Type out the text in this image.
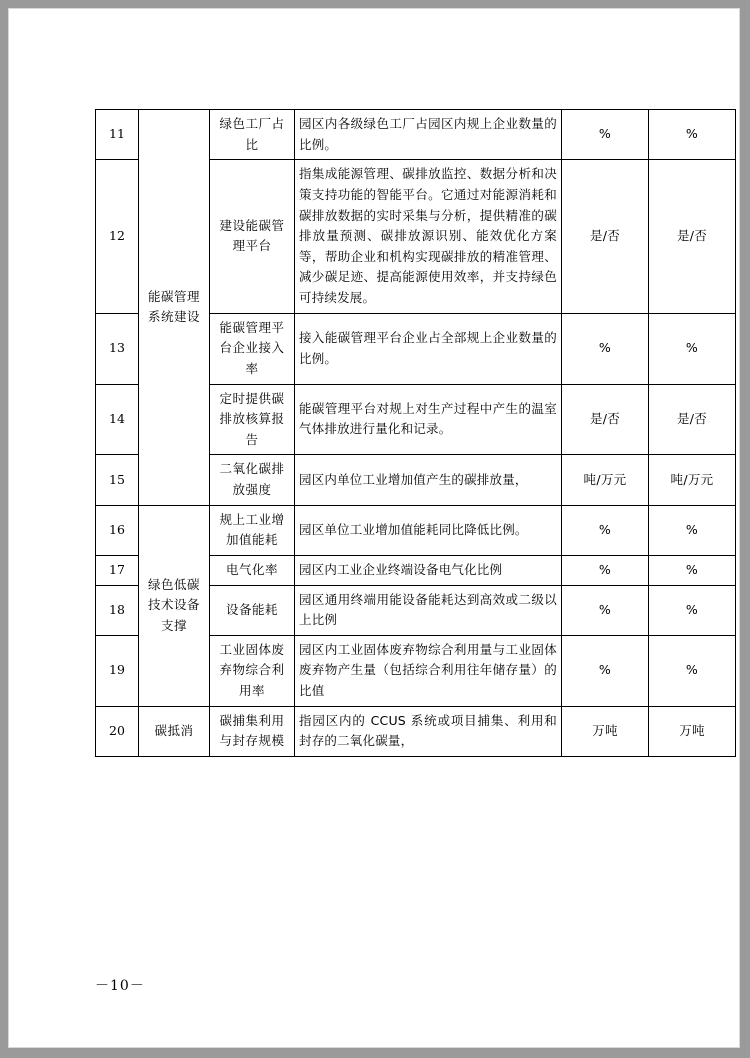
11	能碳管理系统建设	绿色工厂占比	园区内各级绿色工厂占园区内规上企业数量的比例。	%	%
12		建设能碳管理平台	指集成能源管理、碳排放监控、数据分析和决策支持功能的智能平台。它通过对能源消耗和碳排放数据的实时采集与分析，提供精准的碳排放量预测、碳排放源识别、能效优化方案等，帮助企业和机构实现碳排放的精准管理、减少碳足迹、提高能源使用效率，并支持绿色可持续发展。	是/否	是/否
13		能碳管理平台企业接入率	接入能碳管理平台企业占全部规上企业数量的比例。	%	%
14		定时提供碳排放核算报告	能碳管理平台对规上对生产过程中产生的温室气体排放进行量化和记录。	是/否	是/否
15		二氧化碳排放强度	园区内单位工业增加值产生的碳排放量，	吨/万元	吨/万元
16	绿色低碳技术设备支撑	规上工业增加值能耗	园区单位工业增加值能耗同比降低比例。	%	%
17		电气化率	园区内工业企业终端设备电气化比例	%	%
18		设备能耗	园区通用终端用能设备能耗达到高效或二级以上比例	%	%
19		工业固体废弃物综合利用率	园区内工业固体废弃物综合利用量与工业固体废弃物产生量（包括综合利用往年储存量）的比值	%	%
20	碳抵消	碳捕集利用与封存规模	指园区内的 CCUS 系统或项目捕集、利用和封存的二氧化碳量，	万吨	万吨
－10－
